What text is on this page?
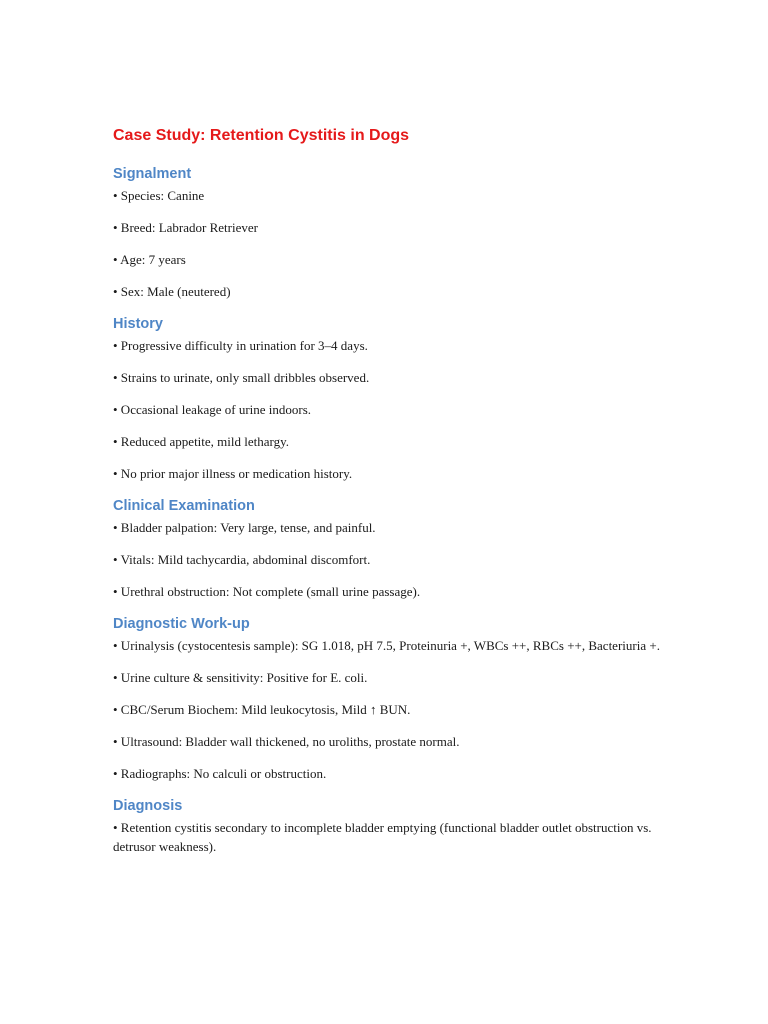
Case Study: Retention Cystitis in Dogs
Signalment

• Species: Canine

• Breed: Labrador Retriever

• Age: 7 years

• Sex: Male (neutered)

History

• Progressive difficulty in urination for 3–4 days.

• Strains to urinate, only small dribbles observed.

• Occasional leakage of urine indoors.

• Reduced appetite, mild lethargy.

• No prior major illness or medication history.

Clinical Examination

• Bladder palpation: Very large, tense, and painful.

• Vitals: Mild tachycardia, abdominal discomfort.

• Urethral obstruction: Not complete (small urine passage).

Diagnostic Work-up

• Urinalysis (cystocentesis sample): SG 1.018, pH 7.5, Proteinuria +, WBCs ++, RBCs ++, Bacteriuria +.

• Urine culture & sensitivity: Positive for E. coli.

• CBC/Serum Biochem: Mild leukocytosis, Mild ↑ BUN.

• Ultrasound: Bladder wall thickened, no uroliths, prostate normal.

• Radiographs: No calculi or obstruction.

Diagnosis

• Retention cystitis secondary to incomplete bladder emptying (functional bladder outlet obstruction vs. detrusor weakness).
